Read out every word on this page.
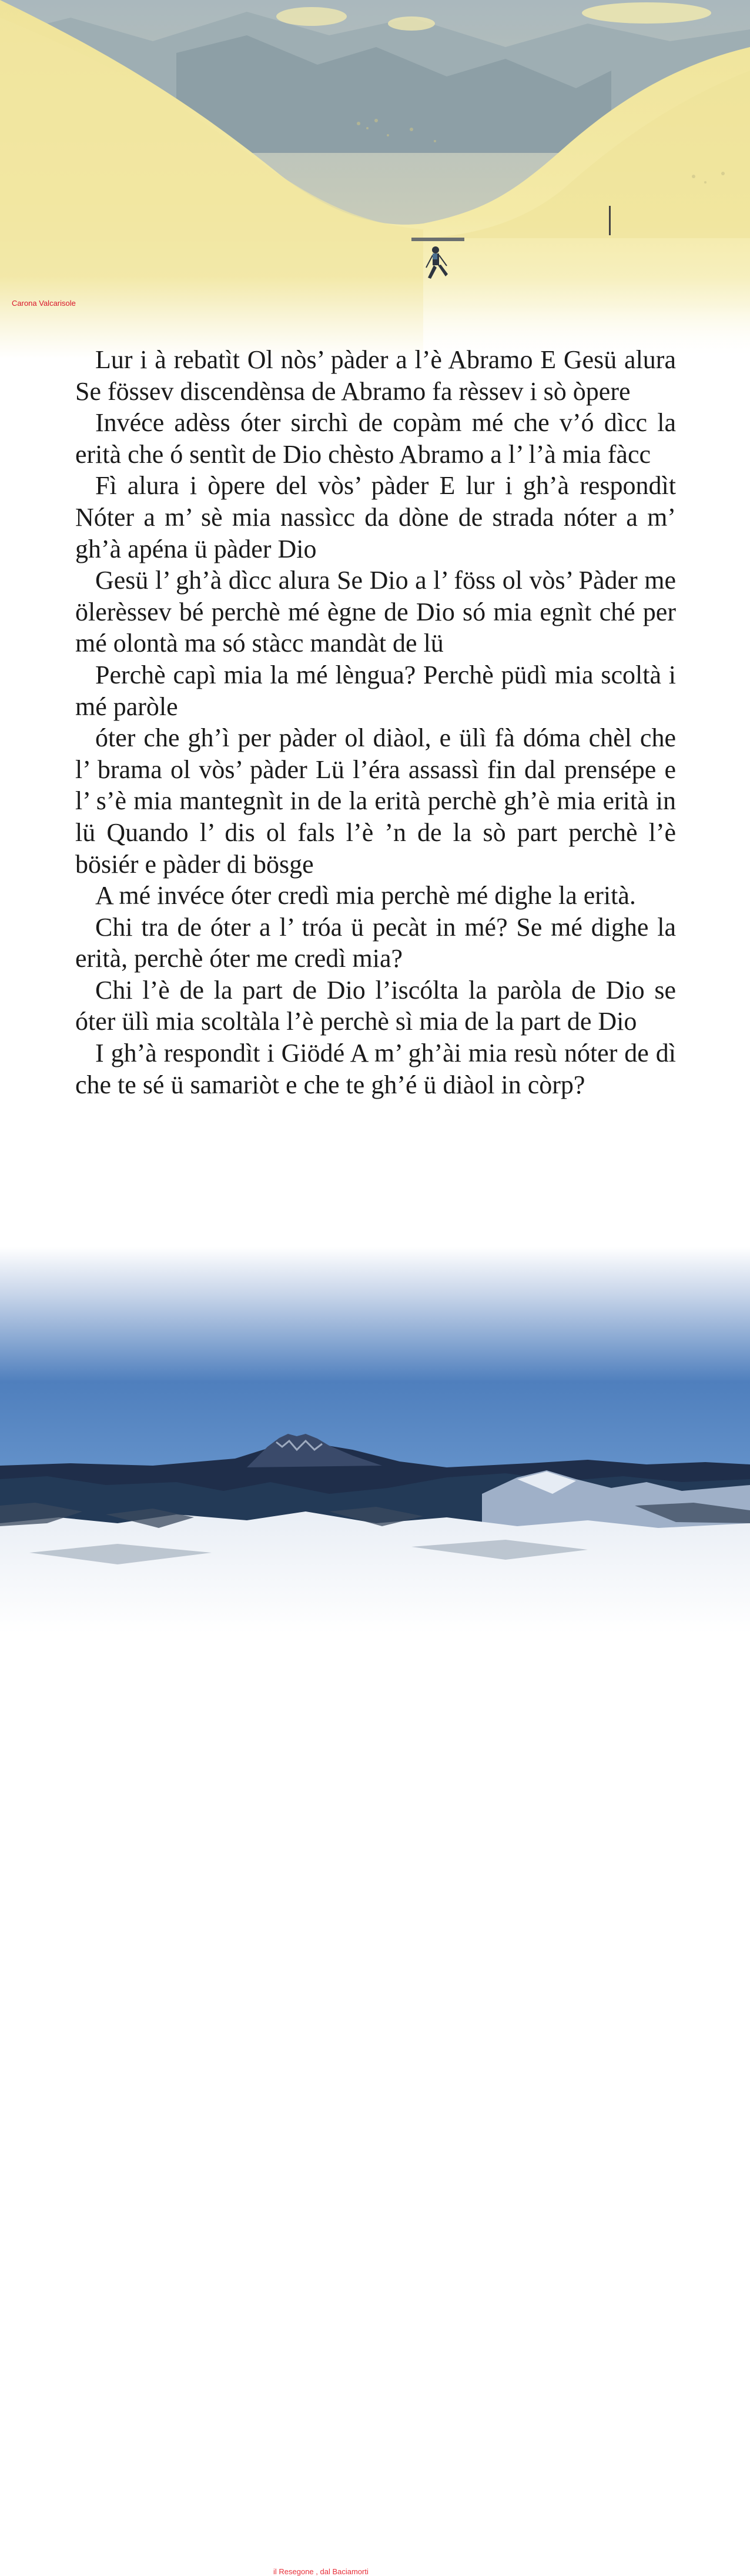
Carona Valcarisole

Lur i à rebatìt Ol nòs’ pàder a l’è Abramo E Gesü alura Se fössev discendènsa de Abramo fa rèssev i sò òpere

Invéce adèss óter sirchì de copàm mé che v’ó dìcc la erità che ó sentìt de Dio chèsto Abramo a l’ l’à mia fàcc

Fì alura i òpere del vòs’ pàder E lur i gh’à respondìt Nóter a m’ sè mia nassìcc da dòne de strada nóter a m’ gh’à apéna ü pàder Dio

Gesü l’ gh’à dìcc alura Se Dio a l’ föss ol vòs’ Pàder me ölerèssev bé perchè mé ègne de Dio só mia egnìt ché per mé olontà ma só stàcc mandàt de lü

Perchè capì mia la mé lèngua? Perchè püdì mia scoltà i mé paròle

óter che gh’ì per pàder ol diàol, e ülì fà dóma chèl che l’ brama ol vòs’ pàder Lü l’éra assassì fin dal prensépe e l’ s’è mia mantegnìt in de la erità perchè gh’è mia erità in lü Quando l’ dis ol fals l’è ’n de la sò part perchè l’è bösiér e pàder di bösge

A mé invéce óter credì mia perchè mé dighe la erità.

Chi tra de óter a l’ tróa ü pecàt in mé? Se mé dighe la erità, perchè óter me credì mia?

Chi l’è de la part de Dio l’iscólta la paròla de Dio se óter ülì mia scoltàla l’è perchè sì mia de la part de Dio

I gh’à respondìt i Giödé A m’ gh’ài mia resù nóter de dì che te sé ü samariòt e che te gh’é ü diàol in còrp?

il Resegone , dal Baciamorti
